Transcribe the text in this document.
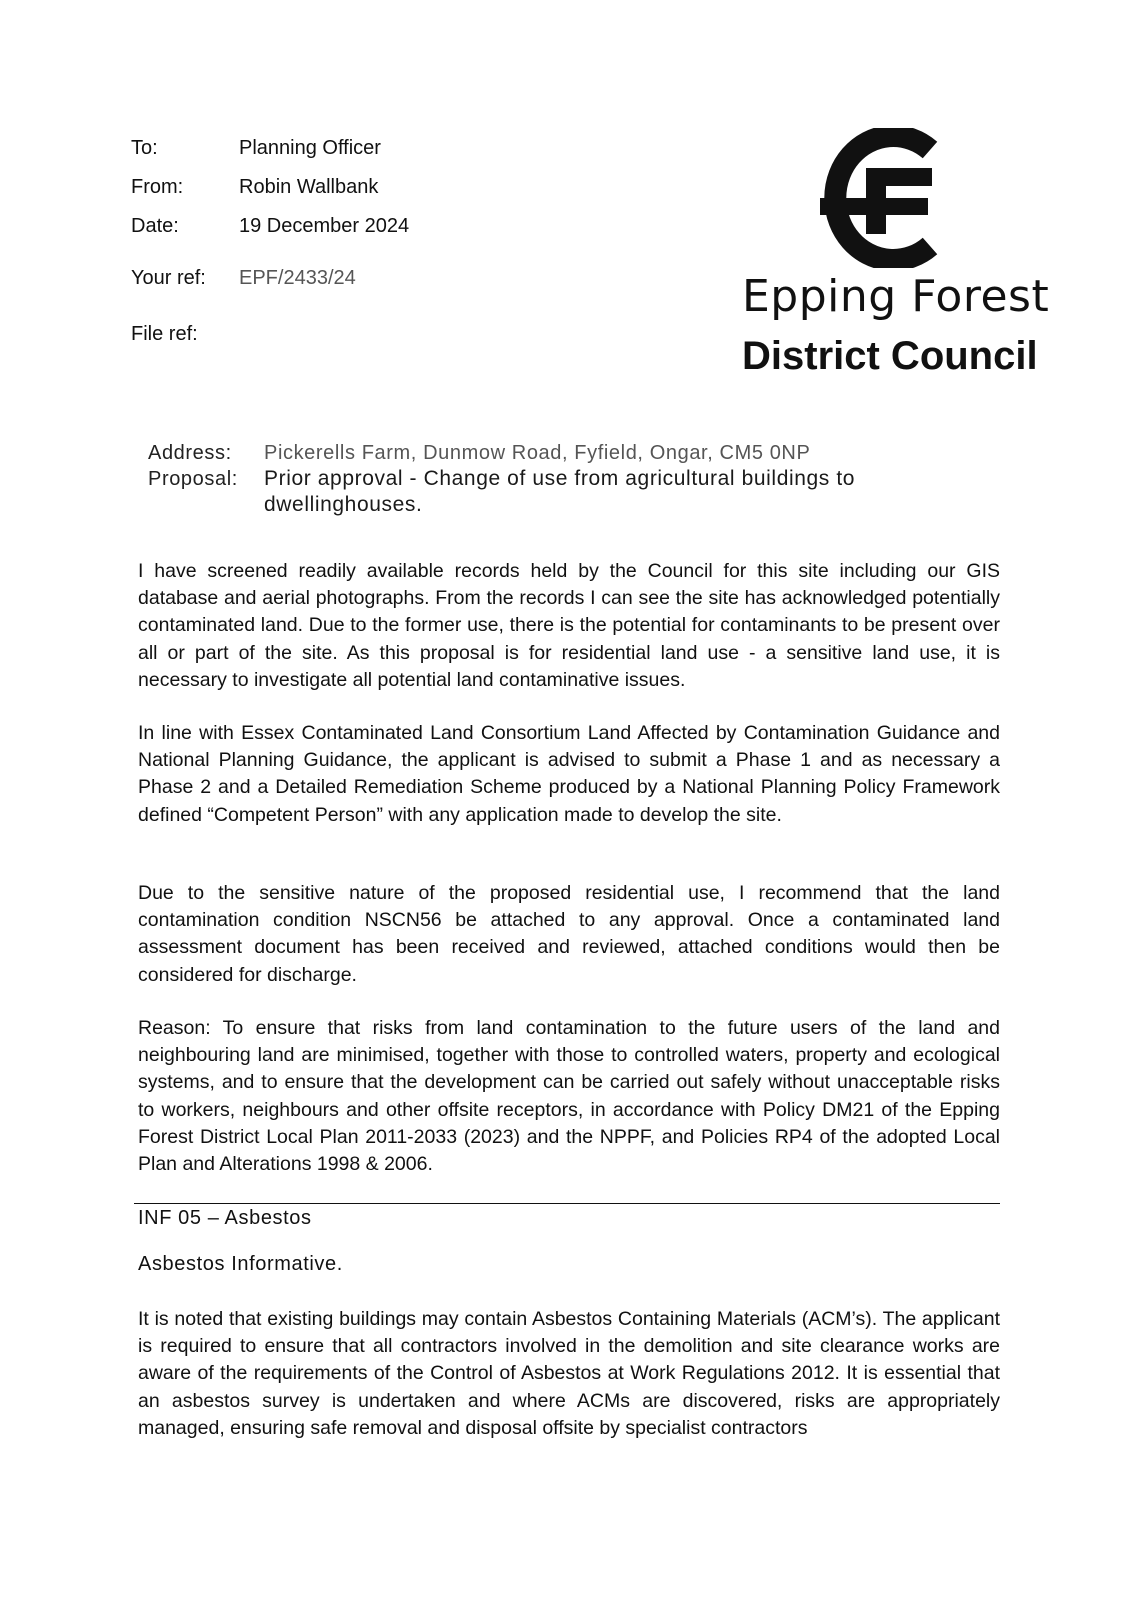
To:	Planning Officer
From:	Robin Wallbank
Date:	19 December 2024
Your ref: EPF/2433/24
File ref:
Epping Forest
District Council
Address: Pickerells Farm, Dunmow Road, Fyfield, Ongar, CM5 0NP
Proposal: Prior approval - Change of use from agricultural buildings to dwellinghouses.

I have screened readily available records held by the Council for this site including our GIS database and aerial photographs. From the records I can see the site has acknowledged potentially contaminated land. Due to the former use, there is the potential for contaminants to be present over all or part of the site. As this proposal is for residential land use - a sensitive land use, it is necessary to investigate all potential land contaminative issues.

In line with Essex Contaminated Land Consortium Land Affected by Contamination Guidance and National Planning Guidance, the applicant is advised to submit a Phase 1 and as necessary a Phase 2 and a Detailed Remediation Scheme produced by a National Planning Policy Framework defined “Competent Person” with any application made to develop the site.

Due to the sensitive nature of the proposed residential use, I recommend that the land contamination condition NSCN56 be attached to any approval. Once a contaminated land assessment document has been received and reviewed, attached conditions would then be considered for discharge.

Reason: To ensure that risks from land contamination to the future users of the land and neighbouring land are minimised, together with those to controlled waters, property and ecological systems, and to ensure that the development can be carried out safely without unacceptable risks to workers, neighbours and other offsite receptors, in accordance with Policy DM21 of the Epping Forest District Local Plan 2011-2033 (2023) and the NPPF, and Policies RP4 of the adopted Local Plan and Alterations 1998 & 2006.

INF 05 – Asbestos
Asbestos Informative.

It is noted that existing buildings may contain Asbestos Containing Materials (ACM’s). The applicant is required to ensure that all contractors involved in the demolition and site clearance works are aware of the requirements of the Control of Asbestos at Work Regulations 2012. It is essential that an asbestos survey is undertaken and where ACMs are discovered, risks are appropriately managed, ensuring safe removal and disposal offsite by specialist contractors
